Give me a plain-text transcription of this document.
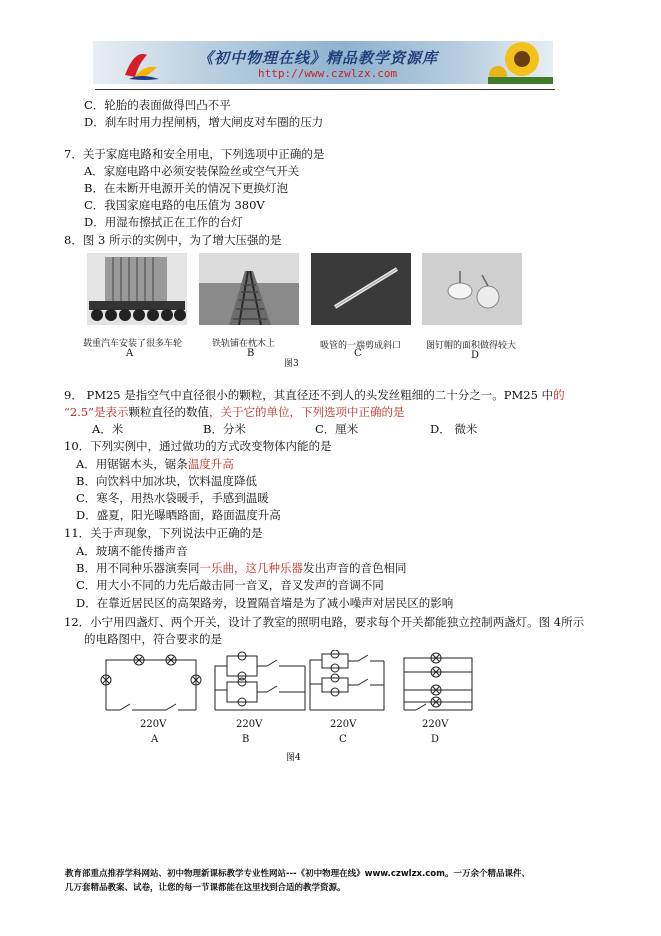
《初中物理在线》精品教学资源库
http://www.czwlzx.com
C．轮胎的表面做得凹凸不平
D．刹车时用力捏闸柄，增大闸皮对车圈的压力
7．关于家庭电路和安全用电，下列选项中正确的是
A．家庭电路中必须安装保险丝或空气开关
B．在未断开电源开关的情况下更换灯泡
C．我国家庭电路的电压值为 380V
D．用湿布擦拭正在工作的台灯
8．图 3 所示的实例中，为了增大压强的是
载重汽车安装了很多车轮	铁轨铺在枕木上	吸管的一端剪成斜口	图钉帽的面积做得较大
A	B	C	D
图3
9． PM25 是指空气中直径很小的颗粒，其直径还不到人的头发丝粗细的二十分之一。PM25 中的
“2.5”是表示颗粒直径的数值，关于它的单位，下列选项中正确的是
A．米	B．分米	C．厘米	D． 微米
10．下列实例中，通过做功的方式改变物体内能的是
A．用锯锯木头，锯条温度升高
B．向饮料中加冰块，饮料温度降低
C．寒冬，用热水袋暖手，手感到温暖
D．盛夏，阳光曝晒路面，路面温度升高
11．关于声现象，下列说法中正确的是
A．玻璃不能传播声音
B．用不同种乐器演奏同一乐曲，这几种乐器发出声音的音色相同
C．用大小不同的力先后敲击同一音叉，音叉发声的音调不同
D．在靠近居民区的高架路旁，设置隔音墙是为了减小噪声对居民区的影响
12．小宁用四盏灯、两个开关，设计了教室的照明电路，要求每个开关都能独立控制两盏灯。图 4所示
的电路图中，符合要求的是
220V	220V	220V	220V
A	B	C	D
图4
教育部重点推荐学科网站、初中物理新课标教学专业性网站---《初中物理在线》www.czwlzx.com。一万余个精品课件、
几万套精品教案、试卷，让您的每一节课都能在这里找到合适的教学资源。
